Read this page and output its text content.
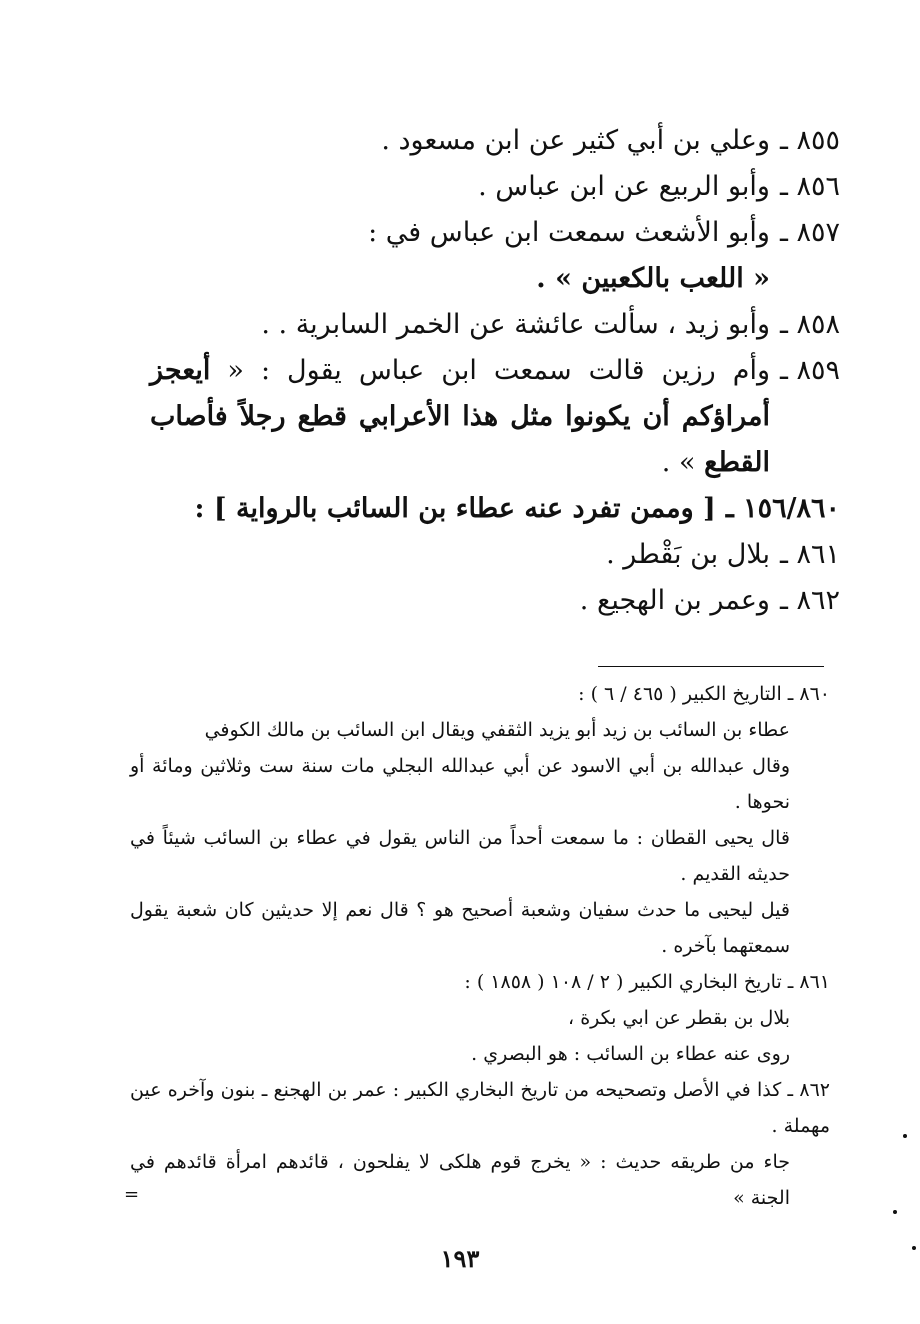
٨٥٥ ـ
وعلي بن أبي كثير عن ابن مسعود .
٨٥٦ ـ
وأبو الربيع عن ابن عباس .
٨٥٧ ـ
وأبو الأشعث سمعت ابن عباس في :
« اللعب بالكعبين » .
٨٥٨ ـ
وأبو زيد ، سألت عائشة عن الخمر السابرية . .
٨٥٩ ـ
وأم رزين قالت سمعت ابن عباس يقول : « أيعجز أمراؤكم أن يكونوا مثل هذا الأعرابي قطع رجلاً فأصاب القطع » .
١٥٦/٨٦٠ ـ
[ وممن تفرد عنه عطاء بن السائب بالرواية ] :
٨٦١ ـ
بلال بن بَقْطر .
٨٦٢ ـ
وعمر بن الهجيع .
٨٦٠ ـ التاريخ الكبير ( ٤٦٥ / ٦ ) :
عطاء بن السائب بن زيد أبو يزيد الثقفي ويقال ابن السائب بن مالك الكوفي
وقال عبدالله بن أبي الاسود عن أبي عبدالله البجلي مات سنة ست وثلاثين ومائة أو نحوها .
قال يحيى القطان : ما سمعت أحداً من الناس يقول في عطاء بن السائب شيئاً في حديثه القديم .
قيل ليحيى ما حدث سفيان وشعبة أصحيح هو ؟ قال نعم إلا حديثين كان شعبة يقول سمعتهما بآخره .
٨٦١ ـ تاريخ البخاري الكبير ( ٢ / ١٠٨ ( ١٨٥٨ ) :
بلال بن بقطر عن ابي بكرة ،
روى عنه عطاء بن السائب : هو البصري .
٨٦٢ ـ كذا في الأصل وتصحيحه من تاريخ البخاري الكبير : عمر بن الهجنع ـ بنون وآخره عين مهملة .
جاء من طريقه حديث : « يخرج قوم هلكى لا يفلحون ، قائدهم امرأة قائدهم في الجنة »
=
١٩٣
